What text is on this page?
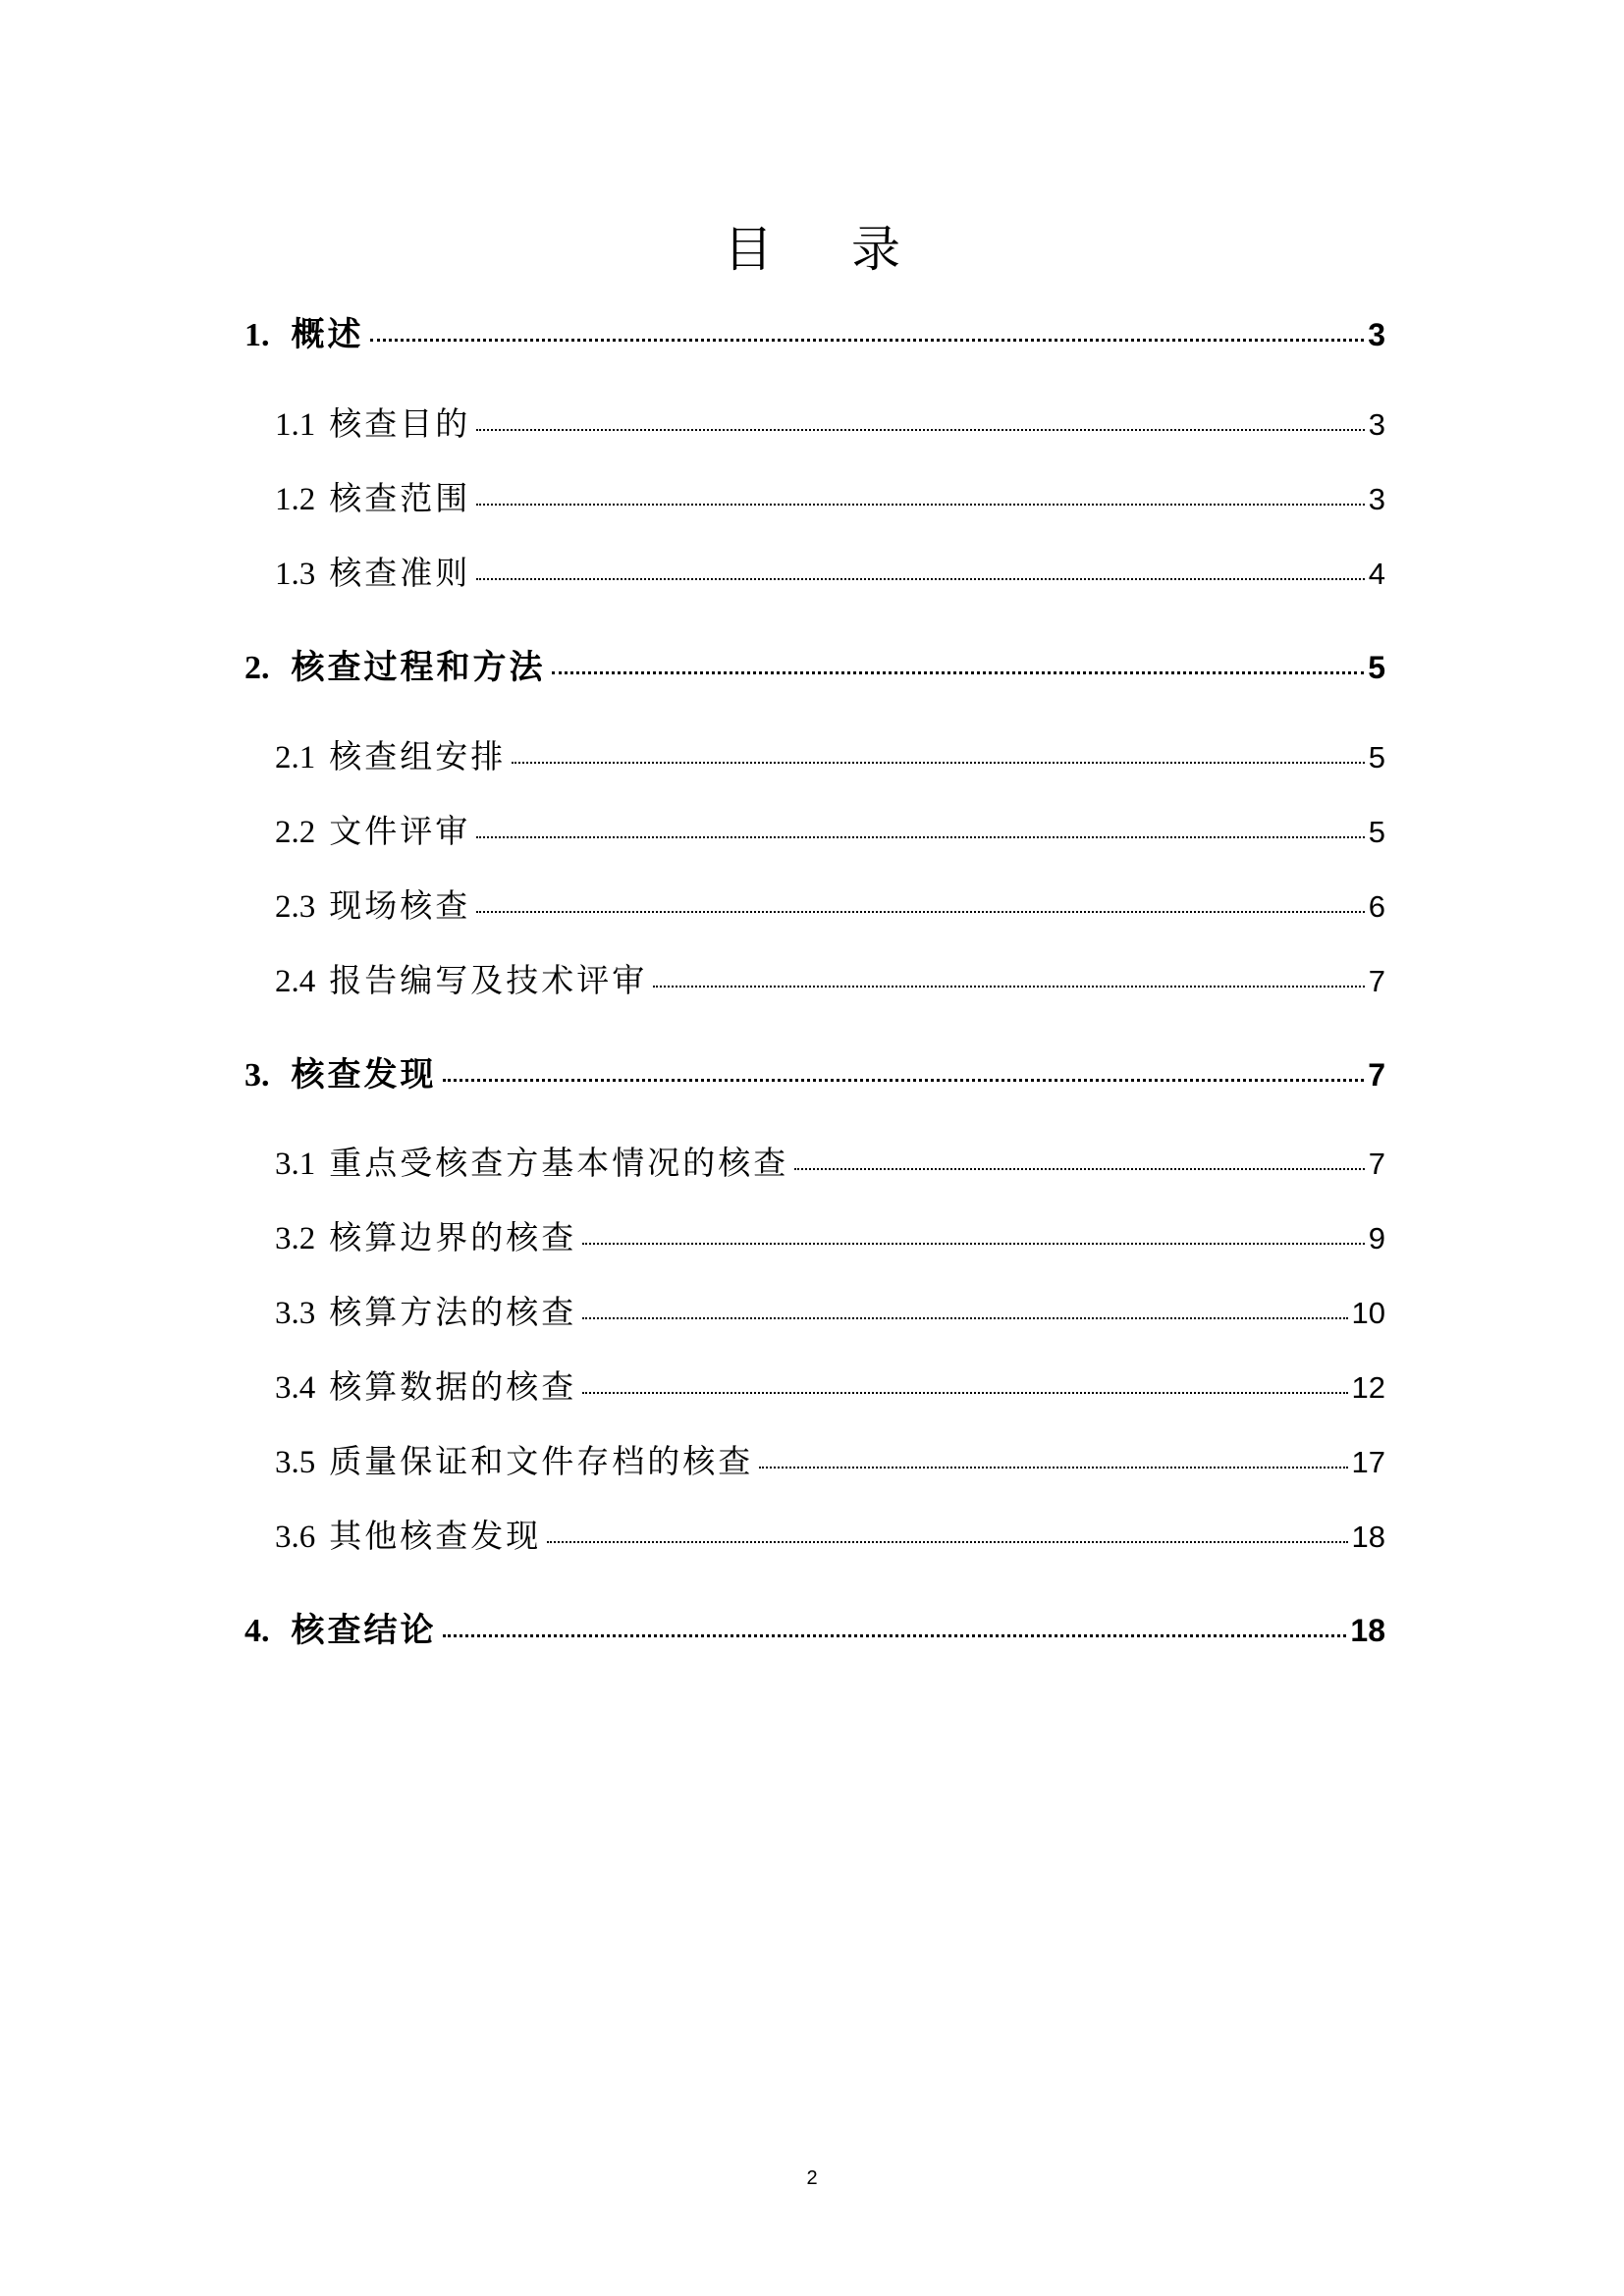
目 录
1. 概述	3
1.1 核查目的	3
1.2 核查范围	3
1.3 核查准则	4
2. 核查过程和方法	5
2.1 核查组安排	5
2.2 文件评审	5
2.3 现场核查	6
2.4 报告编写及技术评审	7
3. 核查发现	7
3.1 重点受核查方基本情况的核查	7
3.2 核算边界的核查	9
3.3 核算方法的核查	10
3.4 核算数据的核查	12
3.5 质量保证和文件存档的核查	17
3.6 其他核查发现	18
4. 核查结论	18
2
